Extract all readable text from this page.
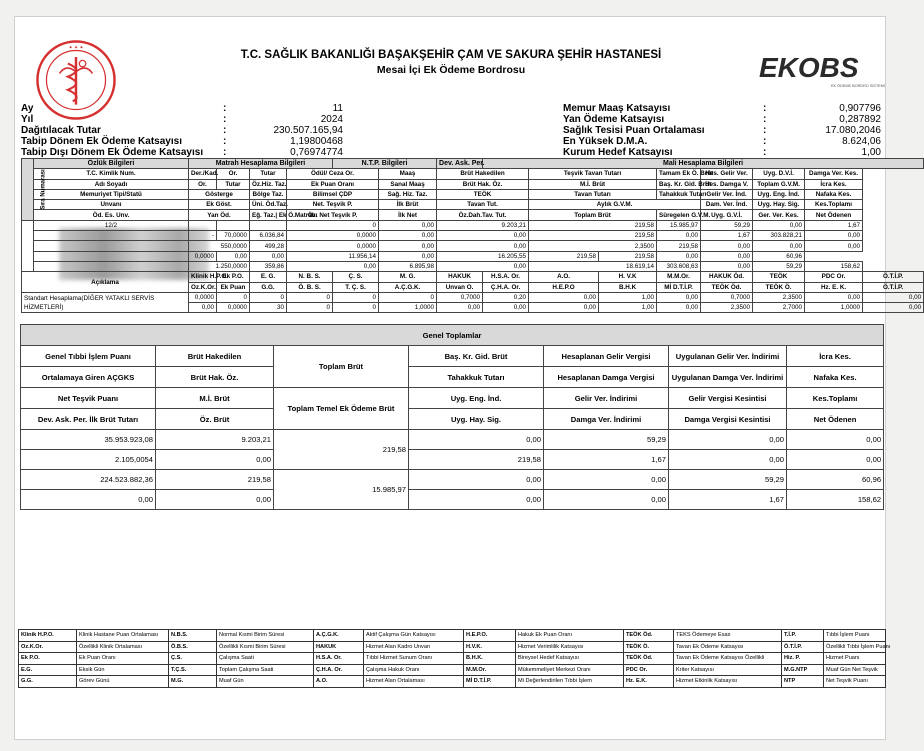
✦ ✦ ✦
T.C. SAĞLIK BAKANLIĞI BAŞAKŞEHİR ÇAM VE SAKURA ŞEHİR HASTANESİ
Mesai İçi Ek Ödeme Bordrosu	EKOBS
EK ÖDEME BORDRO SİSTEMİ
Ay	:	11
Yıl	:	2024
Dağıtılacak Tutar	:	230.507.165,94
Tabip Dönem Ek Ödeme Katsayısı	:	1,19800468
Tabip Dışı Dönem Ek Ödeme Katsayısı :	0,76974774
Memur Maaş Katsayısı	:	0,907796
Yan Ödeme Katsayısı	:	0,287892
Sağlık Tesisi Puan Ortalaması	:	17.080,2046
En Yüksek D.M.A.	:	8.624,06
Kurum Hedef Katsayısı	:	1,00
Sıra Numarası	Özlük Bilgileri	Matrah Hesaplama Bilgileri				N.T.P. Bilgileri		Dev. Ask. Per.	Mali Hesaplama Bilgileri								
	T.C. Kimlik Num.	Der./Kad.	Or.	Tutar	Ödül/ Ceza Or.		Maaş	Brüt Hakedilen		Teşvik Tavan Tutarı		Tamam Ek Ö. Brüt	Hes. Gelir Ver.	Uyg. D.V.İ.	Damga Ver. Kes.		
	Adı Soyadı	Or.	Tutar	Öz.Hiz. Taz.	Ek Puan Oranı		Sanal Maaş	Brüt Hak. Öz.		M.İ. Brüt		Baş. Kr. Gid. Brüt	Hes. Damga V.	Toplam G.V.M.	İcra Kes.		
	Memuriyet Tipi/Statü	Gösterge		Bölge Taz.	Bilimsel ÇDP		Sağ. Hiz. Taz.	TEÖK		Tavan Tutarı		Tahakkuk Tutarı	Gelir Ver. İnd.	Uyg. Eng. İnd.	Nafaka Kes.		
	Unvanı	Ek Göst.		Üni. Öd.Taz.	Net. Teşvik P.		İlk Brüt	Tavan Tut.		Aylık G.V.M.			Dam. Ver. İnd.	Uyg. Hay. Sig.	Kes.Toplamı		
	Öd. Es. Unv.	Yan Öd.		Eğ. Taz.| Ek Ö.Matrahı	Öz. Net Teşvik P.		İlk Net	Öz.Dah.Tav. Tut.		Toplam Brüt		Süregelen G.V.M.	Uyg. G.V.İ.	Ger. Ver. Kes.	Net Ödenen		
	12/2				0		0,00	9.203,21		219,58		15.985,97	59,29	0,00	1,67		
		-	70,0000	6.036,84	0,0000		0,00	0,00		219,58		0,00	1,67	303.828,21	0,00		
		550,0000		499,28	0,0000		0,00	0,00		2,3500		219,58	0,00	0,00	0,00		
		0,0000	0,00	0,00	11.956,14		0,00	16.205,55		219,58	219,58	0,00	0,00	60,96			
		1.250,0000		359,86	0,00		6.895,98	0,00		18.619,14		303.608,63	0,00	59,29	158,62		
Açıklama		Klinik H.P.O.	Ek P.O.	E. G.	N. B. S.	Ç. S.	M. G.	HAKUK	H.S.A. Or.	A.O.	H. V.K	M.M.Or.	HAKUK Öd.	TEÖK	PDC Or.	Ö.T.İ.P.	
		Oz.K.Or.	Ek Puan	G.G.	Ö. B. S.	T. Ç. S.	A.Ç.G.K.	Unvan O.	Ç.H.A. Or.	H.E.P.O	B.H.K	Mİ D.T.İ.P.	TEÖK Öd.	TEÖK Ö.	Hz. E. K.	Ö.T.İ.P.	
Standart Hesaplama(DİĞER YATAKLI SERVİS HİZMETLERİ)		0,0000	0	0	0	0	0	0,7000	0,20	0,00	1,00	0,00	0,7000	2,3500	0,00	0,00	
		0,00	0,0000	30	0	0	1,0000	0,00	0,00	0,00	1,00	0,00	2,3500	2,7000	1,0000	0,00	
Genel Toplamlar						
Genel Tıbbi İşlem Puanı	Brüt Hakedilen	Toplam Brüt	Baş. Kr. Gid. Brüt	Hesaplanan Gelir Vergisi	Uygulanan Gelir Ver. İndirimi	İcra Kes.
Ortalamaya Giren AÇGKS	Brüt Hak. Öz.		Tahakkuk Tutarı	Hesaplanan Damga Vergisi	Uygulanan Damga Ver. İndirimi	Nafaka Kes.
Net Teşvik Puanı	M.İ. Brüt	Toplam Temel Ek Ödeme Brüt	Uyg. Eng. İnd.	Gelir Ver. İndirimi	Gelir Vergisi Kesintisi	Kes.Toplamı
Dev. Ask. Per. İlk Brüt Tutarı	Öz. Brüt		Uyg. Hay. Sig.	Damga Ver. İndirimi	Damga Vergisi Kesintisi	Net Ödenen
35.953.923,08	9.203,21	219,58	0,00	59,29	0,00	0,00
2.105,0054	0,00		219,58	1,67	0,00	0,00
224.523.882,36	219,58	15.985,97	0,00	0,00	59,29	60,96
0,00	0,00		0,00	0,00	1,67	158,62
Klinik H.P.O.	Klinik Hastane Puan Ortalaması	N.B.S.	Normal Kısmi Birim Süresi	A.Ç.G.K.	Aktif Çalışma Gün Katsayısı	H.E.P.O.	Hakuk Ek Puan Oranı	TEÖK Öd.	TEKS Ödemeye Esas	T.İ.P.	Tıbbi İşlem Puanı
Oz.K.Or.	Özellikli Klinik Ortalaması	Ö.B.S.	Özellikli Kısmi Birim Süresi	HAKUK	Hizmet Alan Kadro Unvan	H.V.K.	Hizmet Verimlilik Katsayısı	TEÖK Ö.	Tavan Ek Ödeme Katsayısı	Ö.T.İ.P.	Özellikli Tıbbi İşlem Puanı
Ek P.O.	Ek Puan Oranı	Ç.S.	Çalışma Saati	H.S.A. Or.	Tıbbi Hizmet Sunum Oranı	B.H.K.	Bireysel Hedef Katsayısı	TEÖK Öd.	Tavan Ek Ödeme Katsayısı Özellikli	Hiz. P.	Hizmet Puanı
E.G.	Eksik Gün	T.Ç.S.	Toplam Çalışma Saati	Ç.H.A. Or.	Çalışma Hakuk Oranı	M.M.Or.	Mükemmeliyet Merkezi Oranı	PDC Or.	Kriter Katsayısı	M.G.NTP	Muaf Gün Net Teşvik
G.G.	Görev Günü	M.G.	Muaf Gün	A.O.	Hizmet Alan Ortalaması	Mİ D.T.İ.P.	Mi Değerlendirilen Tıbbi İşlem	Hz. E.K.	Hizmet Etkinlik Katsayısı	NTP	Net Teşvik Puanı
